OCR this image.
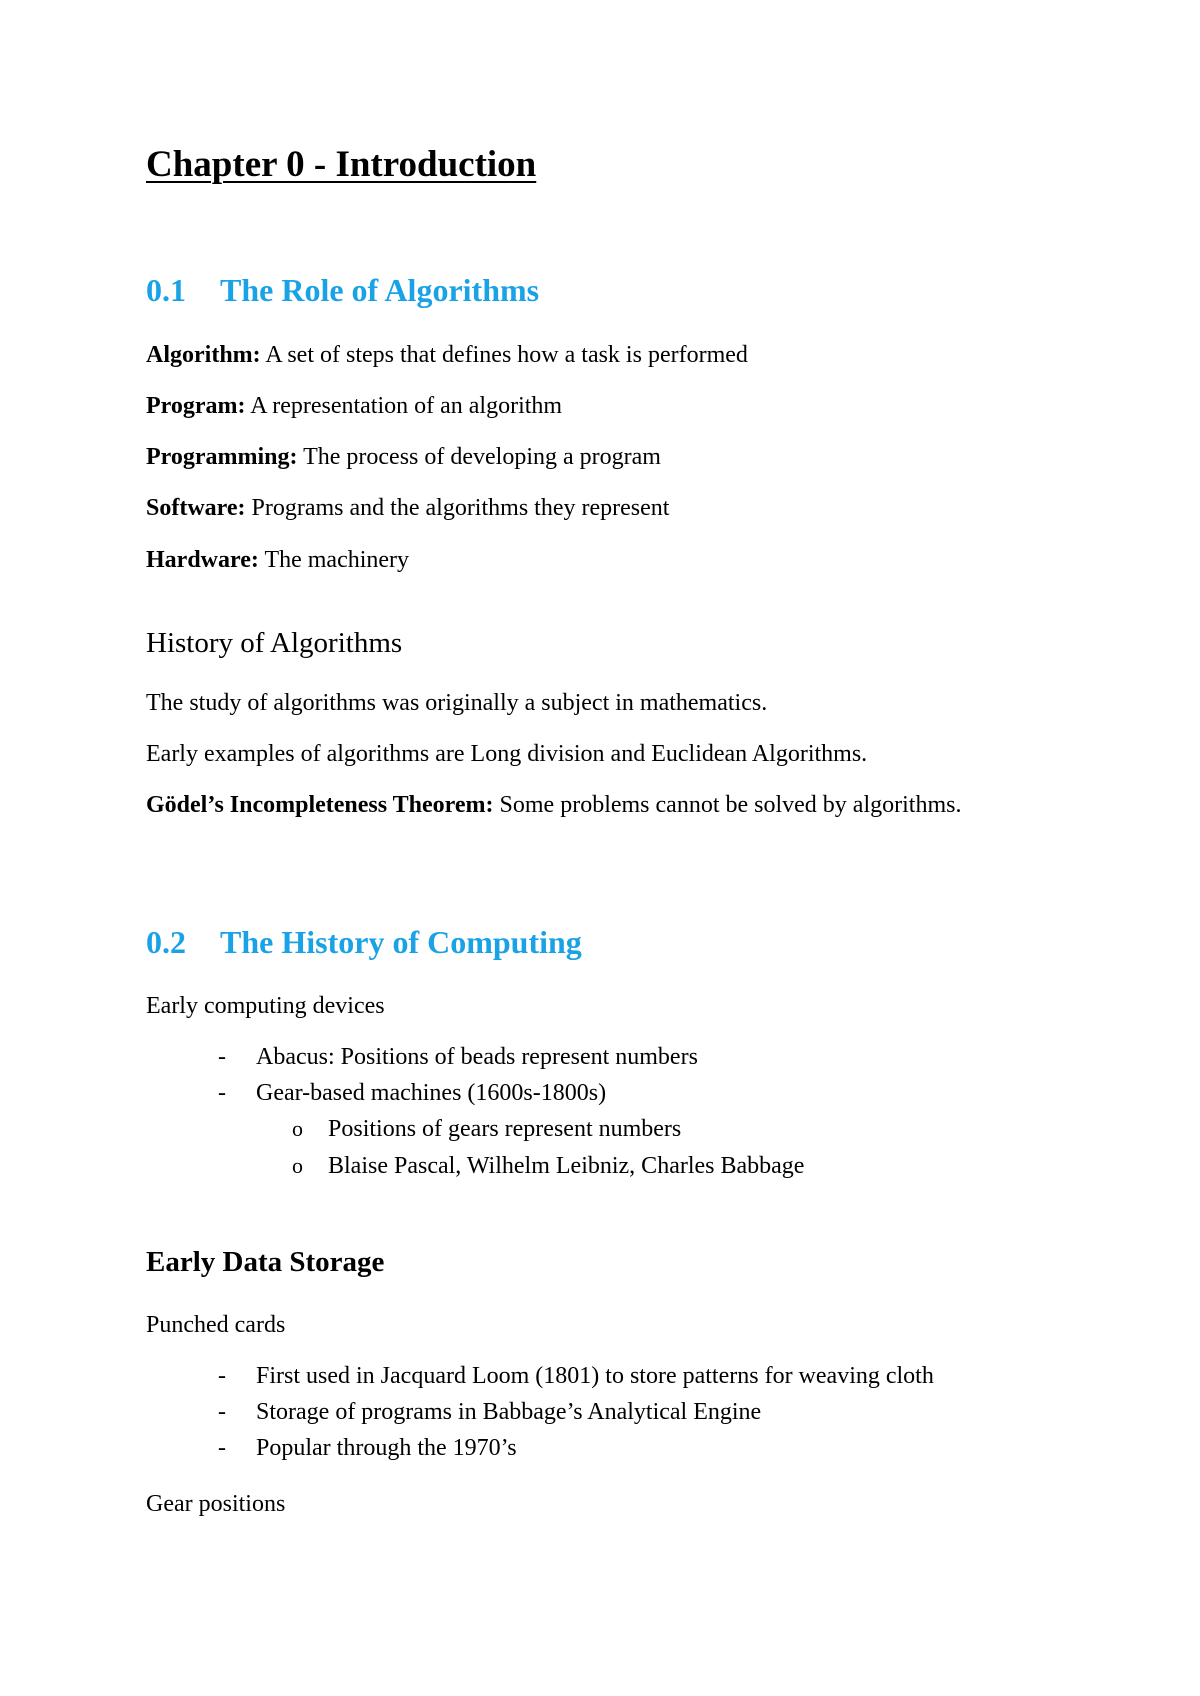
Chapter 0 - Introduction
0.1 The Role of Algorithms

Algorithm: A set of steps that defines how a task is performed

Program: A representation of an algorithm

Programming: The process of developing a program

Software: Programs and the algorithms they represent

Hardware: The machinery

History of Algorithms

The study of algorithms was originally a subject in mathematics.

Early examples of algorithms are Long division and Euclidean Algorithms.

Gödel’s Incompleteness Theorem: Some problems cannot be solved by algorithms.

0.2 The History of Computing

Early computing devices

- Abacus: Positions of beads represent numbers

- Gear-based machines (1600s-1800s)

o Positions of gears represent numbers

o Blaise Pascal, Wilhelm Leibniz, Charles Babbage

Early Data Storage

Punched cards

- First used in Jacquard Loom (1801) to store patterns for weaving cloth

- Storage of programs in Babbage’s Analytical Engine

- Popular through the 1970’s

Gear positions
